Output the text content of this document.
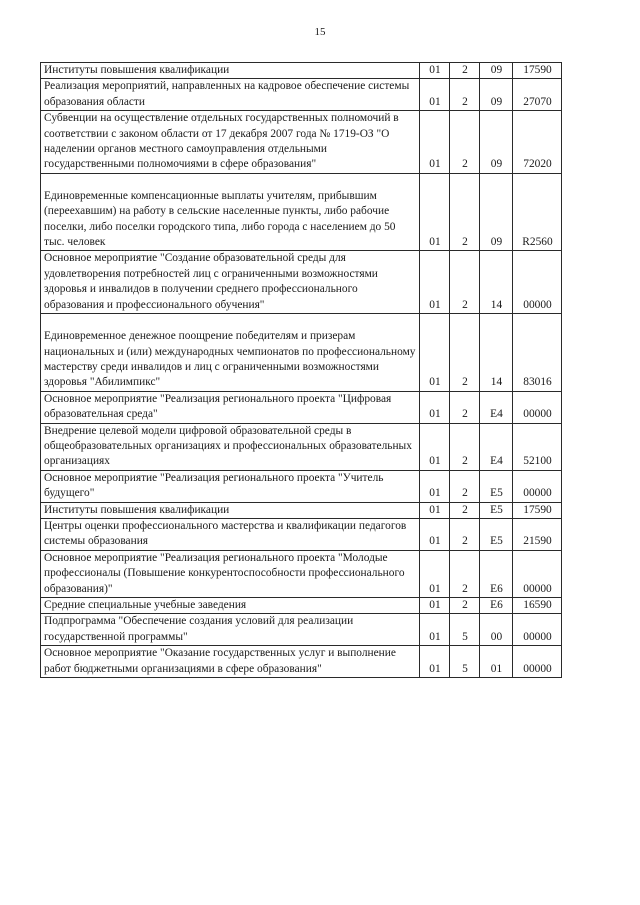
15
Институты повышения квалификации	01	2	09	17590
Реализация мероприятий, направленных на кадровое обеспечение системы образования области	01	2	09	27070
Субвенции на осуществление отдельных государственных полномочий в соответствии с законом области от 17 декабря 2007 года № 1719-ОЗ "О наделении органов местного самоуправления отдельными государственными полномочиями в сфере образования"	01	2	09	72020

Единовременные компенсационные выплаты учителям, прибывшим (переехавшим) на работу в сельские населенные пункты, либо рабочие поселки, либо поселки городского типа, либо города с населением до 50 тыс. человек	01	2	09	R2560
Основное мероприятие "Создание образовательной среды для удовлетворения потребностей лиц с ограниченными возможностями здоровья и инвалидов в получении среднего профессионального образования и профессионального обучения"	01	2	14	00000

Единовременное денежное поощрение победителям и призерам национальных и (или) международных чемпионатов по профессиональному мастерству среди инвалидов и лиц с ограниченными возможностями здоровья "Абилимпикс"	01	2	14	83016
Основное мероприятие "Реализация регионального проекта "Цифровая образовательная среда"	01	2	Е4	00000
Внедрение целевой модели цифровой образовательной среды в общеобразовательных организациях и профессиональных образовательных организациях	01	2	Е4	52100
Основное мероприятие "Реализация регионального проекта "Учитель будущего"	01	2	Е5	00000
Институты повышения квалификации	01	2	Е5	17590
Центры оценки профессионального мастерства и квалификации педагогов системы образования	01	2	Е5	21590
Основное мероприятие "Реализация регионального проекта "Молодые профессионалы (Повышение конкурентоспособности профессионального образования)"	01	2	Е6	00000
Средние специальные учебные заведения	01	2	Е6	16590
Подпрограмма "Обеспечение создания условий для реализации государственной программы"	01	5	00	00000
Основное мероприятие "Оказание государственных услуг и выполнение работ бюджетными организациями в сфере образования"	01	5	01	00000
